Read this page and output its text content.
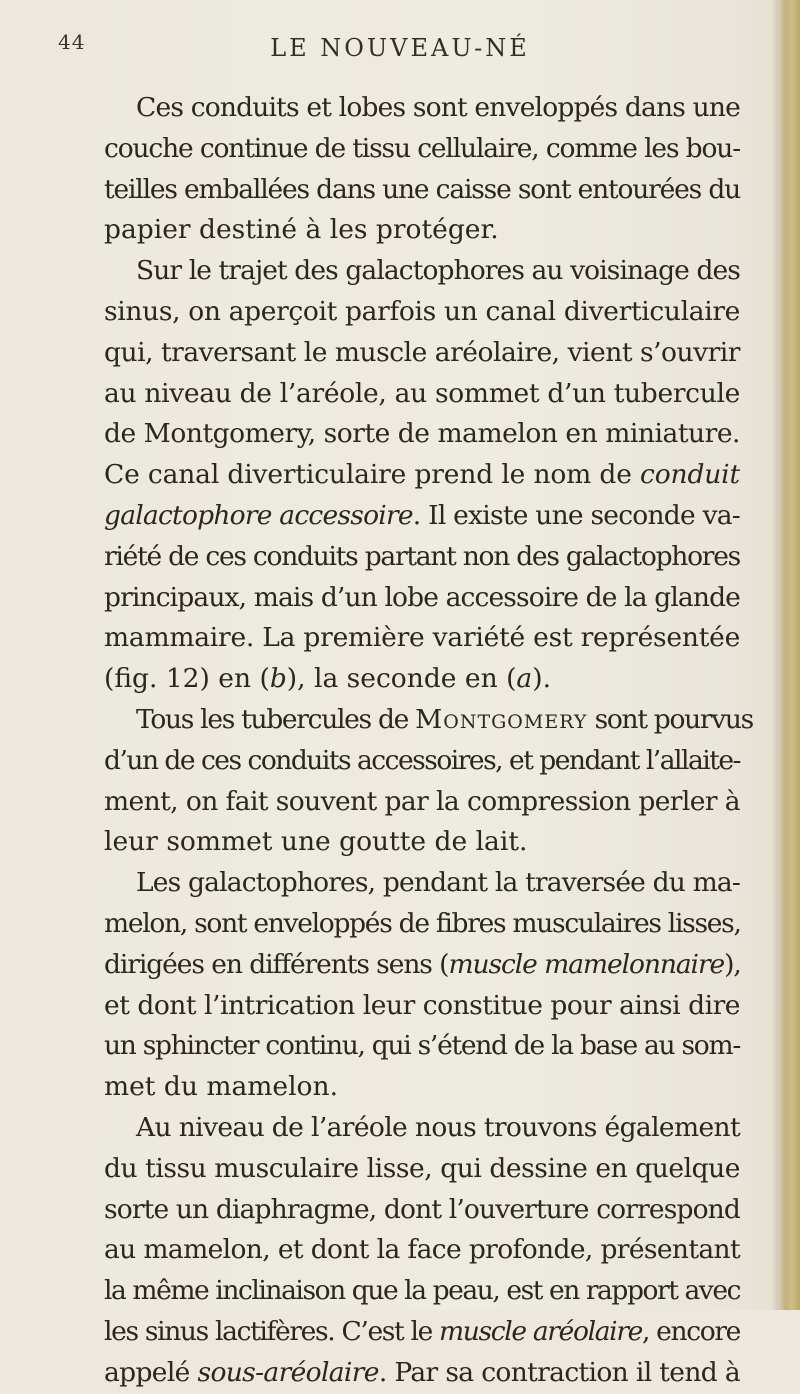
44	LE NOUVEAU-NÉ
Ces conduits et lobes sont enveloppés dans une
couche continue de tissu cellulaire, comme les bou-
teilles emballées dans une caisse sont entourées du
papier destiné à les protéger.
Sur le trajet des galactophores au voisinage des
sinus, on aperçoit parfois un canal diverticulaire
qui, traversant le muscle aréolaire, vient s’ouvrir
au niveau de l’aréole, au sommet d’un tubercule
de Montgomery, sorte de mamelon en miniature.
Ce canal diverticulaire prend le nom de conduit
galactophore accessoire. Il existe une seconde va-
riété de ces conduits partant non des galactophores
principaux, mais d’un lobe accessoire de la glande
mammaire. La première variété est représentée
(fig. 12) en (b), la seconde en (a).
Tous les tubercules de Montgomery sont pourvus
d’un de ces conduits accessoires, et pendant l’allaite-
ment, on fait souvent par la compression perler à
leur sommet une goutte de lait.
Les galactophores, pendant la traversée du ma-
melon, sont enveloppés de fibres musculaires lisses,
dirigées en différents sens (muscle mamelonnaire),
et dont l’intrication leur constitue pour ainsi dire
un sphincter continu, qui s’étend de la base au som-
met du mamelon.
Au niveau de l’aréole nous trouvons également
du tissu musculaire lisse, qui dessine en quelque
sorte un diaphragme, dont l’ouverture correspond
au mamelon, et dont la face profonde, présentant
la même inclinaison que la peau, est en rapport avec
les sinus lactifères. C’est le muscle aréolaire, encore
appelé sous-aréolaire. Par sa contraction il tend à
